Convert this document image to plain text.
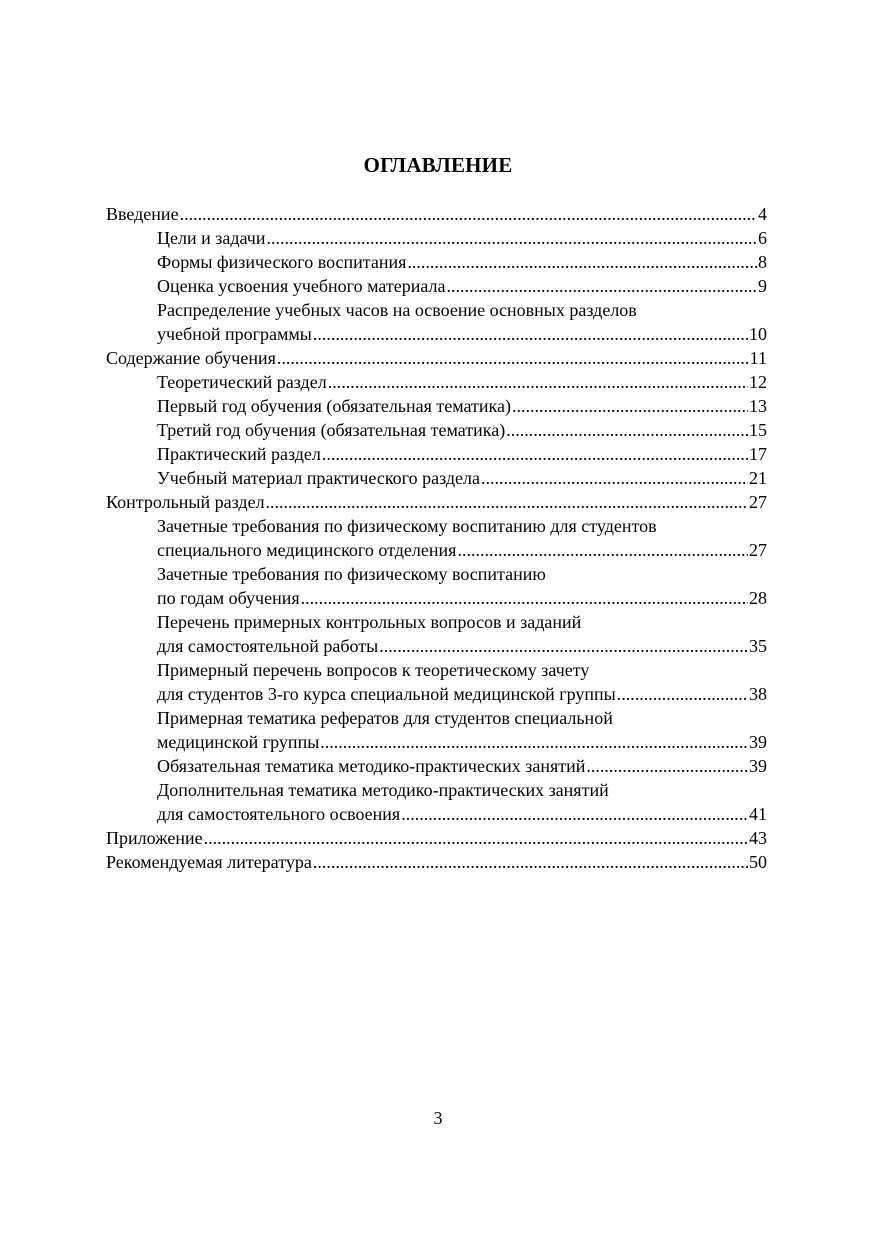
ОГЛАВЛЕНИЕ
Введение .....	4
Цели и задачи .....	6
Формы физического воспитания .....	8
Оценка усвоения учебного материала .....	9
Распределение учебных часов на освоение основных разделов
учебной программы .....	10
Содержание обучения .....	11
Теоретический раздел .....	12
Первый год обучения (обязательная тематика) .....	13
Третий год обучения (обязательная тематика) .....	15
Практический раздел .....	17
Учебный материал практического раздела .....	21
Контрольный раздел .....	27
Зачетные требования по физическому воспитанию для студентов
специального медицинского отделения .....	27
Зачетные требования по физическому воспитанию
по годам обучения .....	28
Перечень примерных контрольных вопросов и заданий
для самостоятельной работы .....	35
Примерный перечень вопросов к теоретическому зачету
для студентов 3-го курса специальной медицинской группы .....	38
Примерная тематика рефератов для студентов специальной
медицинской группы .....	39
Обязательная тематика методико-практических занятий .....	39
Дополнительная тематика методико-практических занятий
для самостоятельного освоения .....	41
Приложение .....	43
Рекомендуемая литература .....	50
3
